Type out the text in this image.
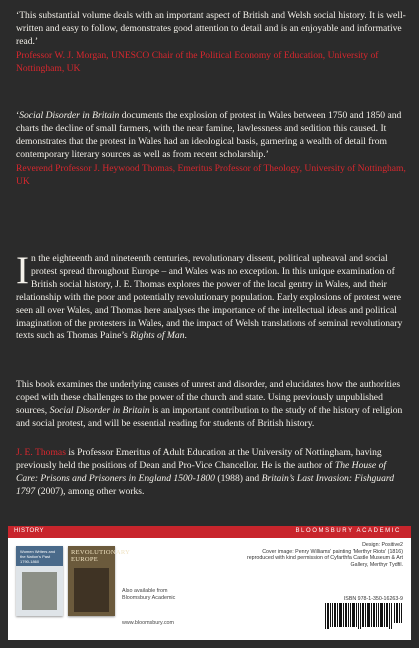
‘This substantial volume deals with an important aspect of British and Welsh social history. It is well-written and easy to follow, demonstrates good attention to detail and is an enjoyable and informative read.’

Professor W. J. Morgan, UNESCO Chair of the Political Economy of Education, University of Nottingham, UK

‘Social Disorder in Britain documents the explosion of protest in Wales between 1750 and 1850 and charts the decline of small farmers, with the near famine, lawlessness and sedition this caused. It demonstrates that the protest in Wales had an ideological basis, garnering a wealth of detail from contemporary literary sources as well as from recent scholarship.’

Reverend Professor J. Heywood Thomas, Emeritus Professor of Theology, University of Nottingham, UK

In the eighteenth and nineteenth centuries, revolutionary dissent, political upheaval and social protest spread throughout Europe – and Wales was no exception. In this unique examination of British social history, J. E. Thomas explores the power of the local gentry in Wales, and their relationship with the poor and potentially revolutionary population. Early explosions of protest were seen all over Wales, and Thomas here analyses the importance of the intellectual ideas and political imagination of the protesters in Wales, and the impact of Welsh translations of seminal revolutionary texts such as Thomas Paine’s Rights of Man.

This book examines the underlying causes of unrest and disorder, and elucidates how the authorities coped with these challenges to the power of the church and state. Using previously unpublished sources, Social Disorder in Britain is an important contribution to the study of the history of religion and social protest, and will be essential reading for students of British history.

J. E. Thomas is Professor Emeritus of Adult Education at the University of Nottingham, having previously held the positions of Dean and Pro-Vice Chancellor. He is the author of The House of Care: Prisons and Prisoners in England 1500-1800 (1988) and Britain’s Last Invasion: Fishguard 1797 (2007), among other works.

HISTORY	BLOOMSBURY ACADEMIC
Women Writers and the Nation's Past 1790-1860
REVOLUTIONARY EUROPE
Also available from Bloomsbury Academic
www.bloomsbury.com
Design: Positive2
Cover image: Penry Williams' painting 'Merthyr Riots' (1816) reproduced with kind permission of Cyfarthfa Castle Museum & Art Gallery, Merthyr Tydfil.
ISBN 978-1-350-16263-9
